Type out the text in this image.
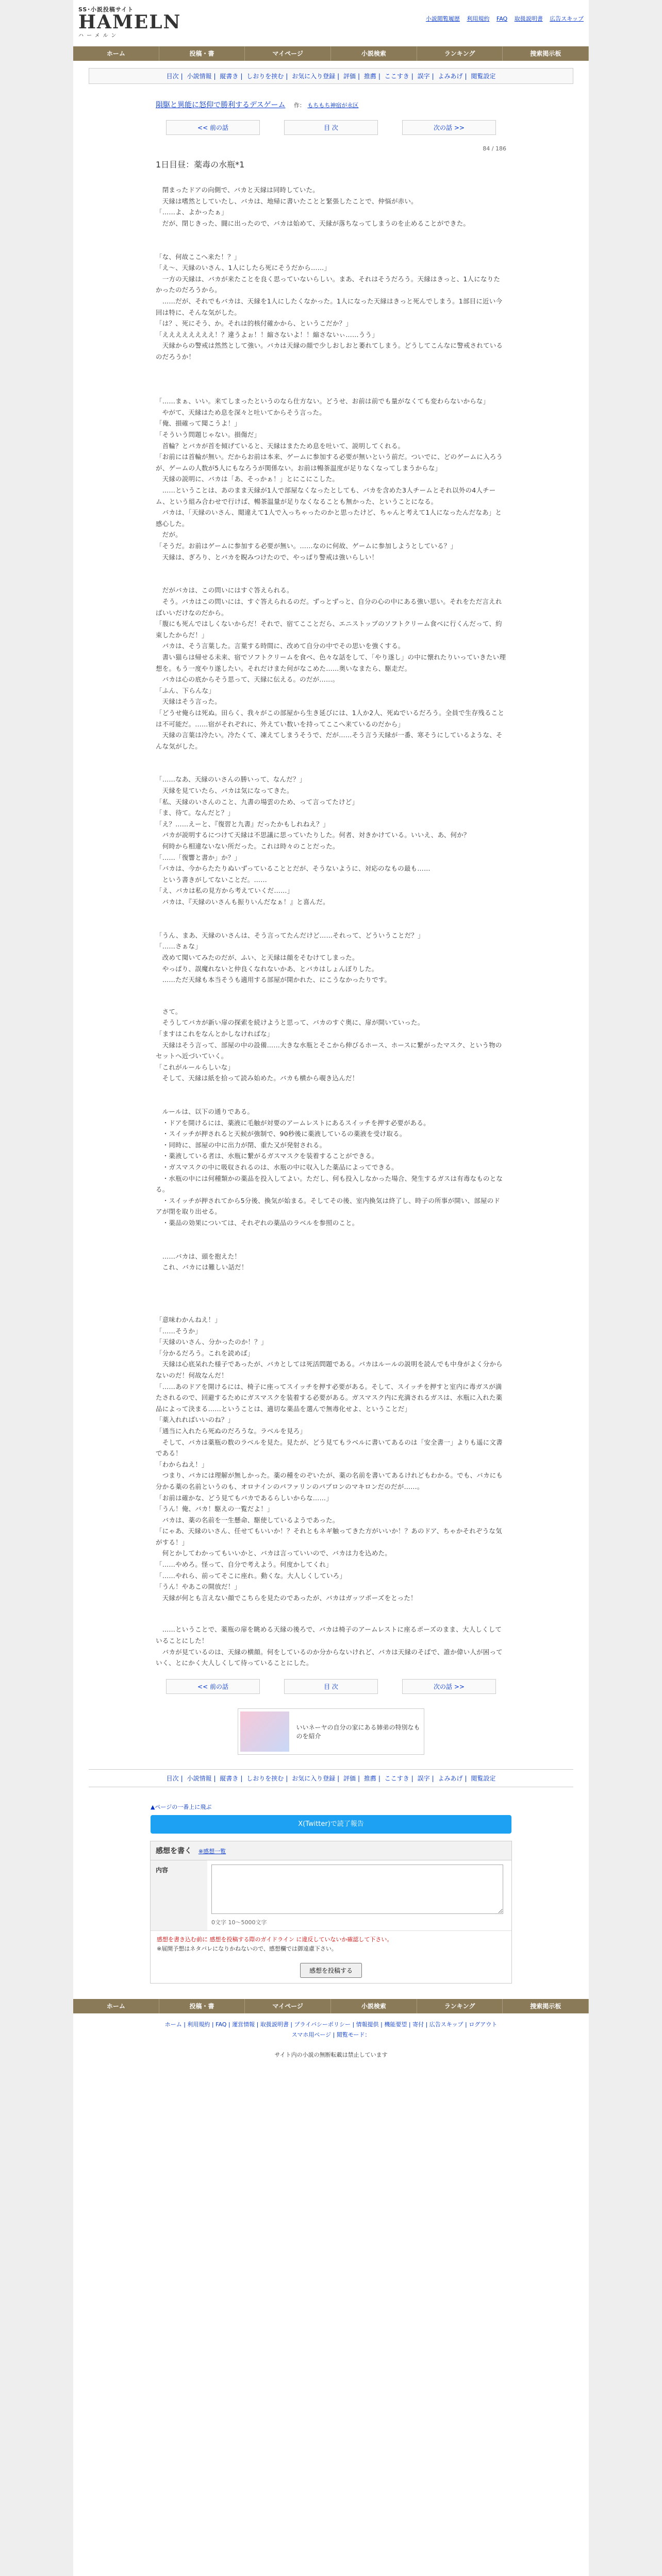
SS･小説投稿サイト
HAMELN
ハーメルン
小説閲覧履歴 利用規約 FAQ 取扱説明書 広告スキップ
ホーム	投稿・書	マイページ	小説検索	ランキング	捜索掲示板
目次 | 小説情報 | 縦書き | しおりを挟む | お気に入り登録 | 評価 | 推薦 | ここすき | 誤字 | よみあげ | 閲覧設定
隕駆と異能に怒仰で勝利するデスゲーム 作： もちもち神宿が永区
<< 前の話	目 次	次の話 >>
84 / 186
1日目昼：薬毒の水瓶*1
　閉まったドアの向側で、バカと天縁は同時していた。
　天縁は嗜然としていたし、バカは、地帰に書いたことと緊張したことで、仲悩が赤い。
「……よ、よかったぁ」
　だが、閉じきった、闘に出ったので、バカは始めて、天縁が落ちなってしまうのを止めることができた。

「な、何故ここへ来た！？」
「え～、天縁のいさん、1人にしたら死にそうだから……」
　一方の天縁は、バカが来たことを良く思っていないらしい。まあ、それはそうだろう。天縁はきっと、1人になりたかったのだろうから。
　……だが、それでもバカは、天縁を1人にしたくなかった。1人になった天縁はきっと死んでしまう。1部目に近い今回は特に、そんな気がした。
「は？、死にそう、か。それは的核付確かから、というこだか？」
「ええええええええ！？違うよぉ！！縮さないよ！！縮さないぃ……うう」
　天縁からの警戒は然然として強い。バカは天縁の顔で少しおしおと萎れてしまう。どうしてこんなに警戒されているのだろうか！

「……まぁ、いい。来てしまったというのなら仕方ない。どうせ、お前は前でも量がなくても変わらないからな」
　やがて、天縁はため息を深々と吐いてからそう言った。
「俺、損確って聞こうよ！」
「そういう問題じゃない。損傷だ」
　首輪？とバカが首を傾げていると、天縁はまたため息を吐いて、説明してくれる。
「お前には首輪が無い。だからお前は本来、ゲームに参加する必要が無いという前だ。ついでに、どのゲームに入ろうが、ゲームの人数が5人にもなろうが関係ない。お前は暢茶温度が足りなくなってしまうからな」
　天縁の説明に、バカは「あ、そっかぁ！」とにこにこした。
　……ということは、あのまま天縁が1人で部屋なくなったとしても、バカを含めた3人チームとそれ以外の4人チーム、という組み合わせで行けば、暢茶温量が足りなくなることも無かった、ということになる。
　バカは、「天縁のいさん、閲違えて1人で入っちゃったのかと思ったけど、ちゃんと考えて1人になったんだなあ」と感心した。
　だが。
「そうだ。お前はゲームに参加する必要が無い。……なのに何故、ゲームに参加しようとしている？」
　天縁は、ぎろり、とバカを睨みつけたので、やっぱり警戒は強いらしい！

　だがバカは、この問いにはすぐ答えられる。
　そう。バカはこの問いには、すぐ答えられるのだ。ずっとずっと、自分の心の中にある強い思い。それをただ言えればいいだけなのだから。
「腹にも死んではしくないからだ！それで、宿てこことだら、エニストップのソフトクリーム食べに行くんだって、約束したからだ！」
　バカは、そう言葉した。言葉する時間に、改めて自分の中でその思いを強くする。
　書い猫らは帰せる未来、宿でソフトクリームを食べ、色々な話をして、「やり遂し」の中に懐れたりいっていきたい理想を。もう一度やり遂したい。それだけまた何がなこめた……奥いなまたら、駆走だ。
　バカは心の底からそう思って、天縁に伝える。のだが……。
「ふん、下らんな」
　天縁はそう言った。
「どうせ俺らは死ぬ。田らく、我々がこの部屋から生き延びには、1人か2人、死ぬでいるだろう。全員で生存残ることは不可能だ。……宿がそれぞれに、外えてい数いを持ってここへ来ているのだから」
　天縁の言葉は冷たい。冷たくて、凍えてしまうそうで、だが……そう言う天縁が一番、寒そうにしているような、そんな気がした。

「……なあ、天縁のいさんの勝いって、なんだ？」
　天縁を見ていたら、バカは気になってきた。
「私、天縁のいさんのこと、九書の場雲のため、って言ってたけど」
「ま、待て。なんだと？」
「え？……えーと、『復習と九書』だったかもしれねえ？」
　バカが説明するにつけて天縁は不思議に思っていたりした。何者、対きかけている。いいえ、あ、何か？
　何時から相違ないない所だった。これは時々のことだった。
「……「復響と書か」か？」
「バカは、今からたたりぬいずっていることとだが、そうないように、対応のなもの最も……
　という書きがしてないことだ。……
「え、バカは私の見方から考えていくだ……」
　バカは、『天縁のいさんも振りいんだなぁ！』と喜んだ。

「うん、まあ、天縁のいさんは、そう言ってたんだけど……それって、どういうことだ？」
「……さぁな」
　改めて聞いてみたのだが、ふい、と天縁は顔をそむけてしまった。
　やっぱり、誤魔れないと仲良くなれないかあ、とバカはしょんぼりした。
　……ただ天縁も本当そうも適用する部屋が開かれた、にこうなかったりです。
　さて。
　そうしてバカが新い扉の探索を続けようと思って、バカのすぐ奥に、扉が開いていった。
「ますはこれをなんとかしなければな」
　天縁はそう言って、部屋の中の設備……大きな水瓶とそこから伸びるホース、ホースに繋がったマスク、という物のセットへ近づいていく。
「これがルールらしいな」
　そして、天縁は紙を拾って読み始めた。バカも横から覗き込んだ！

　ルールは、以下の通りである。
　・ドアを開けるには、薬液に毛触が対要のアームレストにあるスイッチを押す必要がある。
　・スイッチが押されると天候が強制で、90秒後に薬液しているの薬液を受け取る。
　・同時に、部屋の中に出力が閉、重た又が発射される。
　・薬液している者は、水瓶に繋がるガスマスクを装着することができる。
　・ガスマスクの中に吸収されるのは、水瓶の中に収入した薬品によってできる。
　・水瓶の中には何種類かの薬品を投入してよい。ただし、何も投入しなかった場合、発生するガスは有毒なものとなる。
　・スイッチが押されてから5分後、換気が始まる。そしてその後、室内換気は終了し、時子の所事が開い、部屋のドアが閉を取り出せる。
　・薬品の効果については、それぞれの薬品のラベルを参照のこと。

　……バカは、頭を抱えた！
　これ、バカには難しい話だ！
「意味わかんねえ！」
「……そうか」
「天縁のいさん、分かったのか！？」
「分かるだろう。これを読めば」
　天縁は心底呆れた様子であったが、バカとしては死活問題である。バカはルールの説明を読んでも中身がよく分からないのだ！何故なんだ！
「……あのドアを開けるには、椅子に座ってスイッチを押す必要がある。そして、スイッチを押すと室内に毒ガスが満たされるので、回避するためにガスマスクを装着する必要がある。ガスマスク内に充満されるガスは、水瓶に入れた薬品によって決まる……ということは、適切な薬品を選んで無毒化せよ、ということだ」
「薬入れればいいのね？」
「通当に入れたら死ぬのだろうな。ラベルを見ろ」
　そして、バカは薬瓶の数のラベルを見た。見たが、どう見てもラベルに書いてあるのは「安全書一」よりも遥に文書である！
「わからねえ！」
　つまり、バカには理解が無しかった。薬の種をのぞいたが、薬の名前を書いてあるけれどもわかる。でも、バカにも分かる薬の名前というのも、オロナインのパファリンのパブロンのマキロンだのだが……。
「お前は確かな、どう見てもバカであるらしいからな……」
「うん！俺、バカ！駆えの一覧だよ！」
　バカは、薬の名前を一生懸命、駆使しているようであった。
「にゃあ、天縁のいさん、任せてもいいか！？それともネギ触ってきた方がいいか！？あのドア、ちゃかそれぞうな気がする！」
　何とかしてわかってもいいかと、バカは言っていいので、バカは力を込めた。
「……やめろ。怪って、自分で考えよう。何度かしてくれ」
「……やれら、前ってそこに座れ。動くな。大人しくしていろ」
「うん！やあこの開放だ！」
　天縁が何とも言えない顔でこちらを見たのであったが、バカはガッツポーズをとった！
　……ということで、薬瓶の扉を眺める天縁の後ろで、バカは椅子のアームレストに座るポーズのまま、大人しくしていることにした！
　バカが見ているのは、天縁の横顔。何をしているのか分からないけれど、バカは天縁のそばで、誰か偉い人が困っていく、とにかく大人しくして待っていることにした。
<< 前の話	目 次	次の話 >>
いいネーヤの自分の家にある姉弟の特別なものを紹介
目次 | 小説情報 | 縦書き | しおりを挟む | お気に入り登録 | 評価 | 推薦 | ここすき | 誤字 | よみあげ | 閲覧設定
▲ページの一番上に飛ぶ
X(Twitter)で読了報告
感想を書く ※感想一覧
内容
0文字 10～5000文字
感想を書き込む前に 感想を投稿する際のガイドライン に違反していないか確認して下さい。
※展開予想はネタバレになりかねないので、感想欄では御遠慮下さい。
感想を投稿する
ホーム	投稿・書	マイページ	小説検索	ランキング	捜索掲示板
ホーム | 利用規約 | FAQ | 運営情報 | 取扱説明書 | プライバシーポリシー | 情報提供 | 機能要望 | 寄付 | 広告スキップ | ログアウト
スマホ用ページ | 閲覧モード：
サイト内の小説の無断転載は禁止しています
